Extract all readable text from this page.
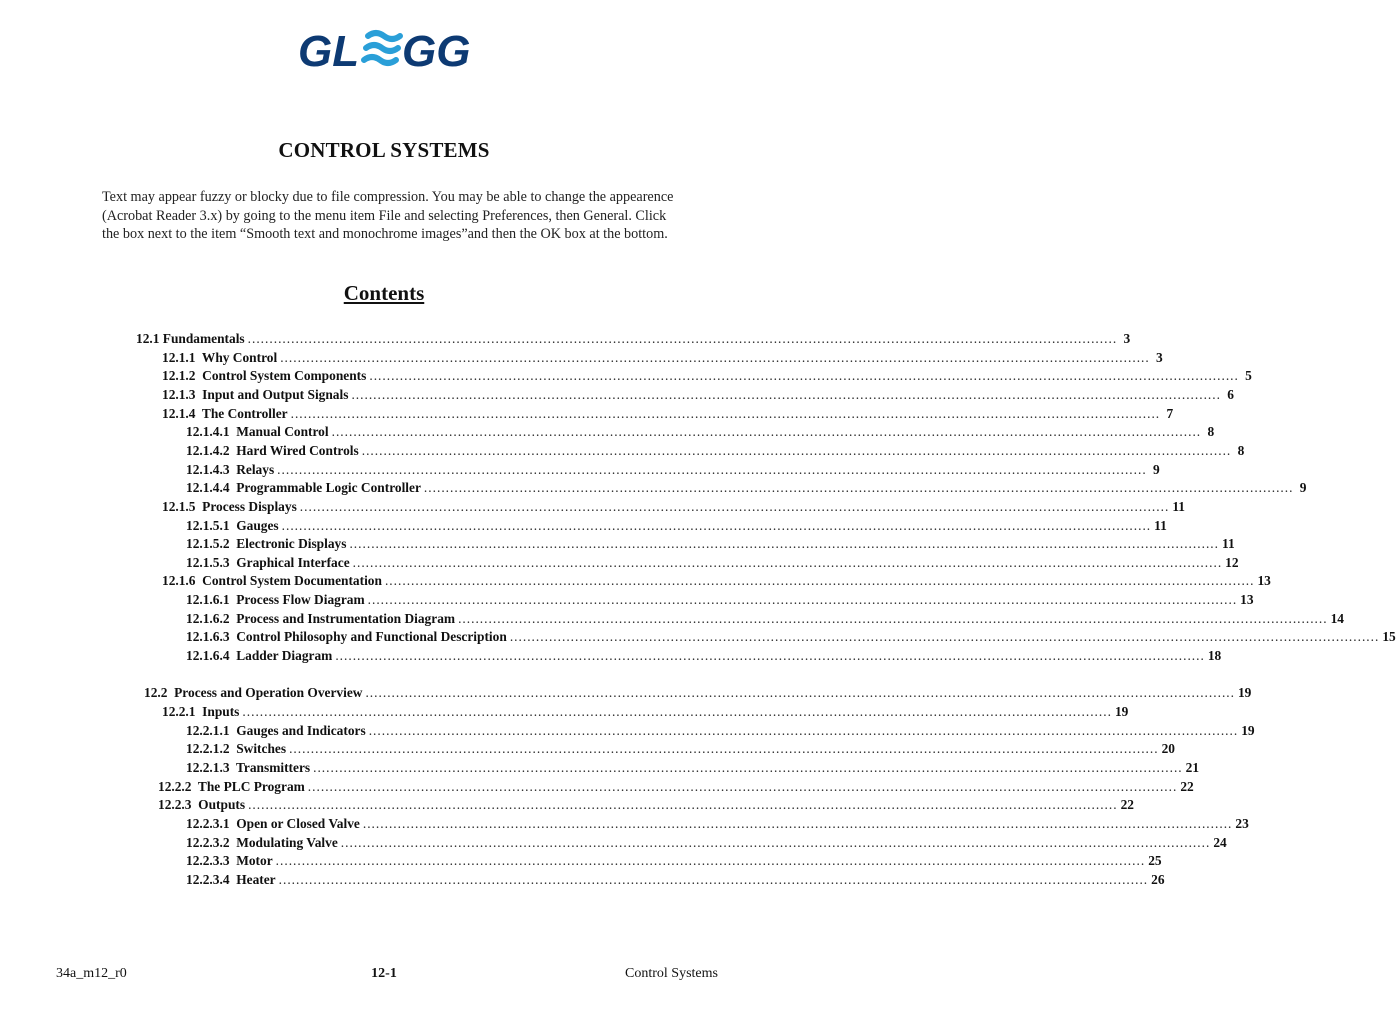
GL GG
CONTROL SYSTEMS

Text may appear fuzzy or blocky due to file compression. You may be able to change the appearence (Acrobat Reader 3.x) by going to the menu item File and selecting Preferences, then General. Click the box next to the item “Smooth text and monochrome images”and then the OK box at the bottom.

Contents
12.1 Fundamentals ........................................................................................................................................................................................................ 3
12.1.1  Why Control ........................................................................................................................................................................................................ 3
12.1.2  Control System Components ........................................................................................................................................................................................................ 5
12.1.3  Input and Output Signals ........................................................................................................................................................................................................ 6
12.1.4  The Controller ........................................................................................................................................................................................................ 7
12.1.4.1  Manual Control ........................................................................................................................................................................................................ 8
12.1.4.2  Hard Wired Controls ........................................................................................................................................................................................................ 8
12.1.4.3  Relays ........................................................................................................................................................................................................ 9
12.1.4.4  Programmable Logic Controller ........................................................................................................................................................................................................ 9
12.1.5  Process Displays ........................................................................................................................................................................................................ 11
12.1.5.1  Gauges ........................................................................................................................................................................................................ 11
12.1.5.2  Electronic Displays ........................................................................................................................................................................................................ 11
12.1.5.3  Graphical Interface ........................................................................................................................................................................................................ 12
12.1.6  Control System Documentation ........................................................................................................................................................................................................ 13
12.1.6.1  Process Flow Diagram ........................................................................................................................................................................................................ 13
12.1.6.2  Process and Instrumentation Diagram ........................................................................................................................................................................................................ 14
12.1.6.3  Control Philosophy and Functional Description ........................................................................................................................................................................................................ 15
12.1.6.4  Ladder Diagram ........................................................................................................................................................................................................ 18
12.2  Process and Operation Overview ........................................................................................................................................................................................................ 19
12.2.1  Inputs ........................................................................................................................................................................................................ 19
12.2.1.1  Gauges and Indicators ........................................................................................................................................................................................................ 19
12.2.1.2  Switches ........................................................................................................................................................................................................ 20
12.2.1.3  Transmitters ........................................................................................................................................................................................................ 21
12.2.2  The PLC Program ........................................................................................................................................................................................................ 22
12.2.3  Outputs ........................................................................................................................................................................................................ 22
12.2.3.1  Open or Closed Valve ........................................................................................................................................................................................................ 23
12.2.3.2  Modulating Valve ........................................................................................................................................................................................................ 24
12.2.3.3  Motor ........................................................................................................................................................................................................ 25
12.2.3.4  Heater ........................................................................................................................................................................................................ 26
34a_m12_r0	12-1	Control Systems
